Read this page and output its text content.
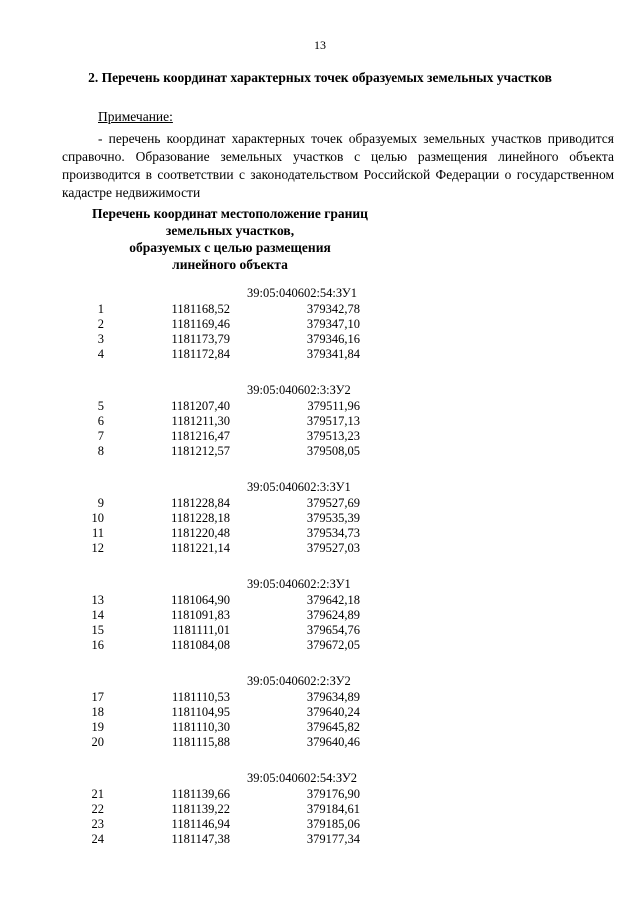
13
2. Перечень координат характерных точек образуемых земельных участков
Примечание:
- перечень координат характерных точек образуемых земельных участков приводится справочно. Образование земельных участков с целью размещения линейного объекта производится в соответствии с законодательством Российской Федерации о государственном кадастре недвижимости
Перечень координат местоположение границ
земельных участков,
образуемых с целью размещения
линейного объекта
39:05:040602:54:ЗУ1
1	1181168,52	379342,78
2	1181169,46	379347,10
3	1181173,79	379346,16
4	1181172,84	379341,84
39:05:040602:3:ЗУ2
5	1181207,40	379511,96
6	1181211,30	379517,13
7	1181216,47	379513,23
8	1181212,57	379508,05
39:05:040602:3:ЗУ1
9	1181228,84	379527,69
10	1181228,18	379535,39
11	1181220,48	379534,73
12	1181221,14	379527,03
39:05:040602:2:ЗУ1
13	1181064,90	379642,18
14	1181091,83	379624,89
15	1181111,01	379654,76
16	1181084,08	379672,05
39:05:040602:2:ЗУ2
17	1181110,53	379634,89
18	1181104,95	379640,24
19	1181110,30	379645,82
20	1181115,88	379640,46
39:05:040602:54:ЗУ2
21	1181139,66	379176,90
22	1181139,22	379184,61
23	1181146,94	379185,06
24	1181147,38	379177,34
